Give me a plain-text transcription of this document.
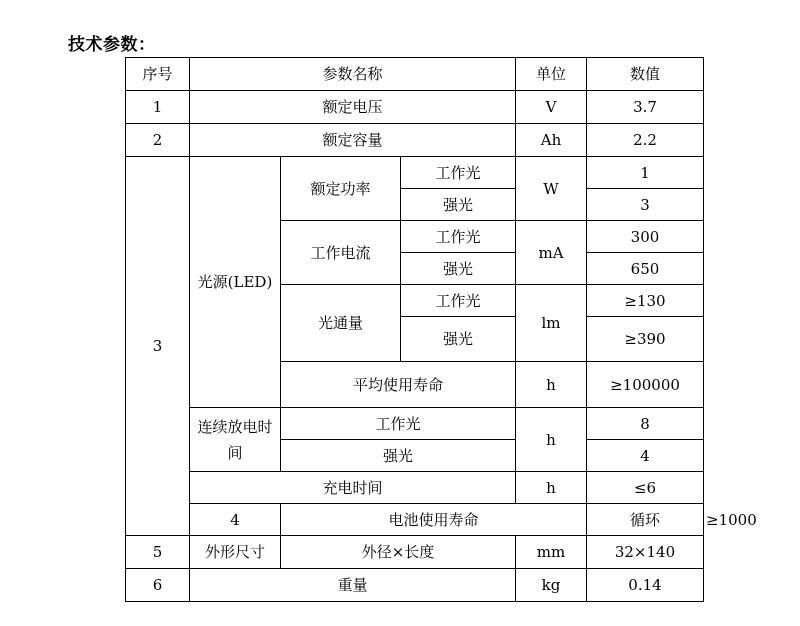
技术参数：
序号	参数名称			单位	数值	
1	额定电压			V	3.7	
2	额定容量			Ah	2.2	
3	光源(LED)	额定功率	工作光	W	1	
			强光		3	
		工作电流	工作光	mA	300	
			强光		650	
		光通量	工作光	lm	≥130	
			强光		≥390	
		平均使用寿命		h	≥100000	
	连续放电时间	工作光		h	8	
		强光			4	
	充电时间			h	≤6	
	4	电池使用寿命			循环	≥1000
5	外形尺寸	外径×长度		mm	32×140	
6	重量			kg	0.14	
